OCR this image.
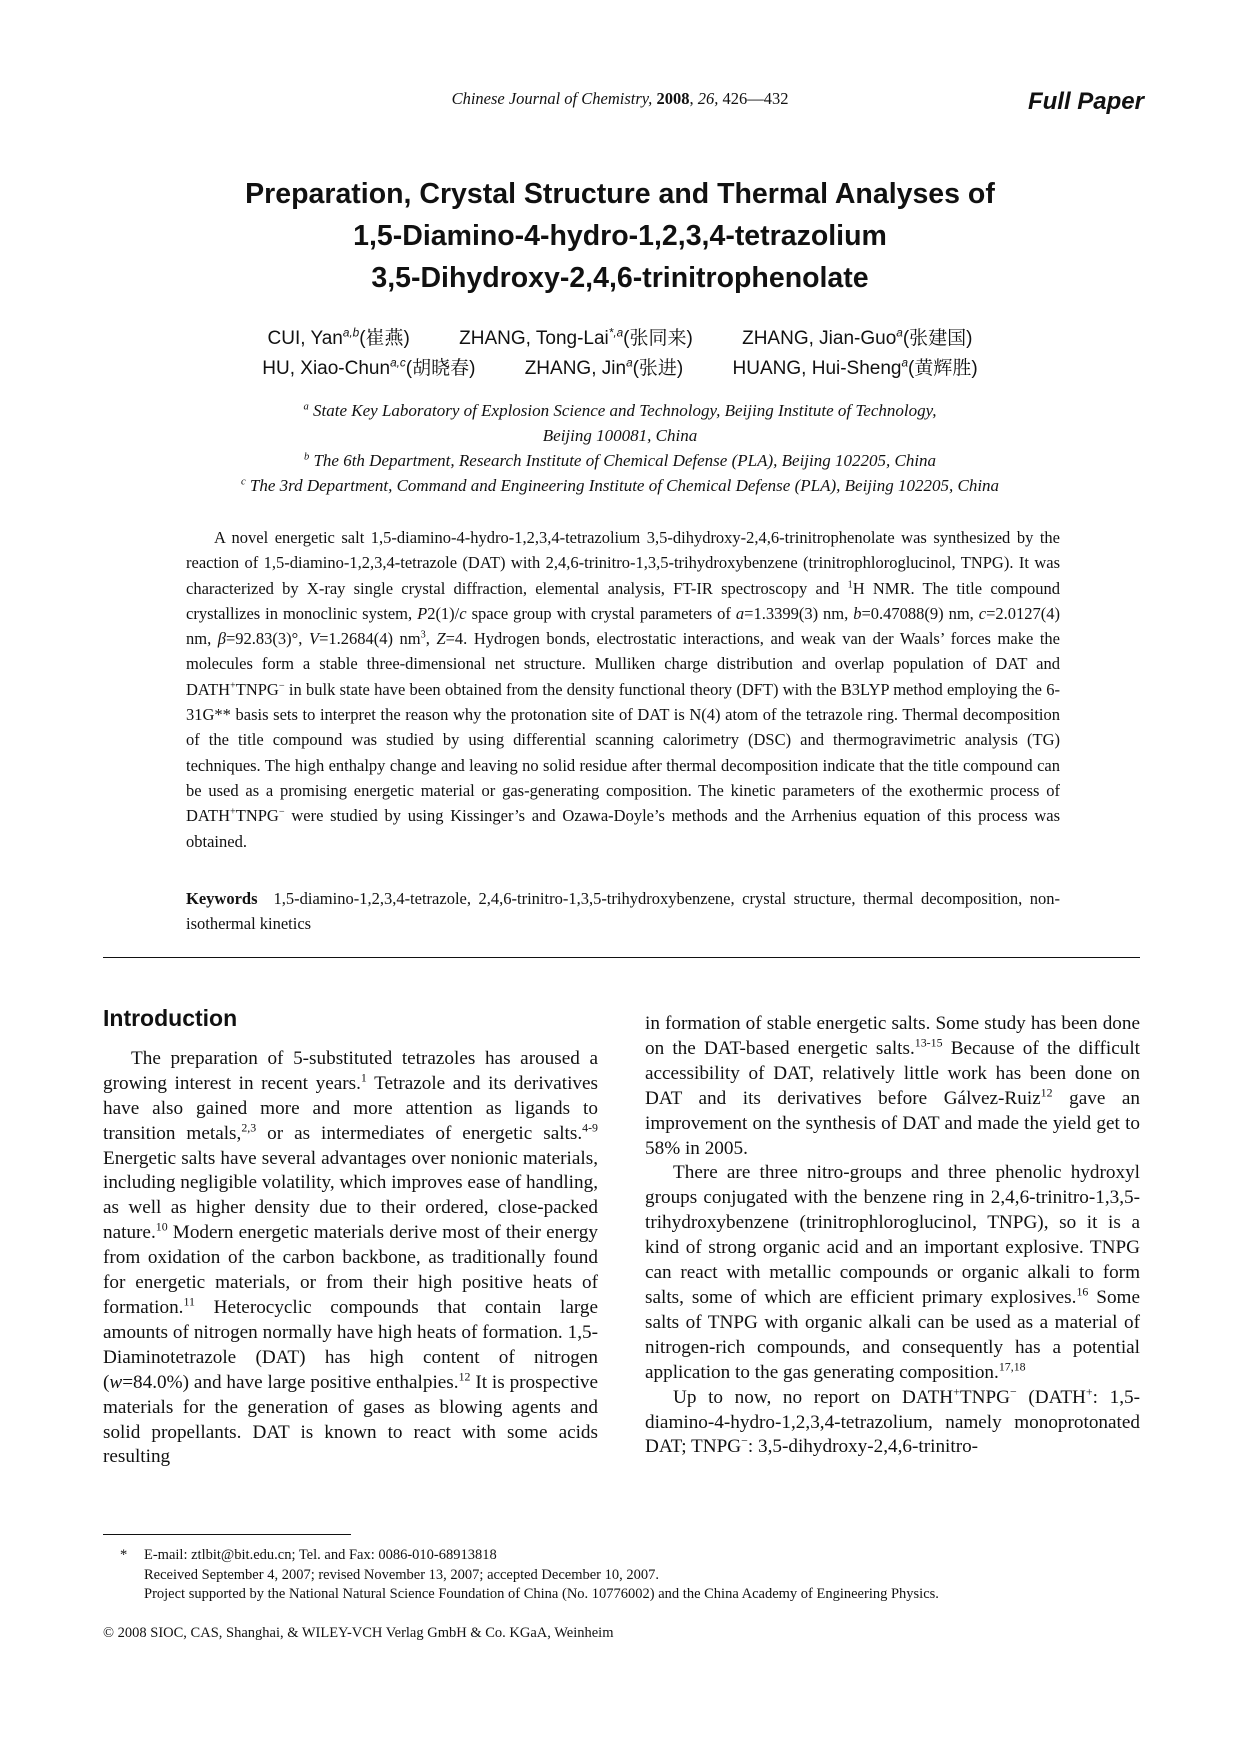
Chinese Journal of Chemistry, 2008, 26, 426—432	Full Paper
Preparation, Crystal Structure and Thermal Analyses of
1,5-Diamino-4-hydro-1,2,3,4-tetrazolium
3,5-Dihydroxy-2,4,6-trinitrophenolate
CUI, Yan$^{a,b}$(崔燕)	ZHANG, Tong-Lai$^{*,a}$(张同来)	ZHANG, Jian-Guo$^a$(张建国)
HU, Xiao-Chun$^{a,c}$(胡晓春)	ZHANG, Jin$^a$(张进)	HUANG, Hui-Sheng$^a$(黄辉胜)
$^a$ State Key Laboratory of Explosion Science and Technology, Beijing Institute of Technology,
Beijing 100081, China
$^b$ The 6th Department, Research Institute of Chemical Defense (PLA), Beijing 102205, China
$^c$ The 3rd Department, Command and Engineering Institute of Chemical Defense (PLA), Beijing 102205, China
A novel energetic salt 1,5-diamino-4-hydro-1,2,3,4-tetrazolium 3,5-dihydroxy-2,4,6-trinitrophenolate was synthesized by the reaction of 1,5-diamino-1,2,3,4-tetrazole (DAT) with 2,4,6-trinitro-1,3,5-trihydroxybenzene (trinitrophloroglucinol, TNPG). It was characterized by X-ray single crystal diffraction, elemental analysis, FT-IR spectroscopy and $^1$H NMR. The title compound crystallizes in monoclinic system, P2(1)/c space group with crystal parameters of a=1.3399(3) nm, b=0.47088(9) nm, c=2.0127(4) nm, β=92.83(3)°, V=1.2684(4) $nm^3$, Z=4. Hydrogen bonds, electrostatic interactions, and weak van der Waals’ forces make the molecules form a stable three-dimensional net structure. Mulliken charge distribution and overlap population of DAT and DATH+TNPG− in bulk state have been obtained from the density functional theory (DFT) with the B3LYP method employing the 6-31G** basis sets to interpret the reason why the protonation site of DAT is N(4) atom of the tetrazole ring. Thermal decomposition of the title compound was studied by using differential scanning calorimetry (DSC) and thermogravimetric analysis (TG) techniques. The high enthalpy change and leaving no solid residue after thermal decomposition indicate that the title compound can be used as a promising energetic material or gas-generating composition. The kinetic parameters of the exothermic process of DATH+TNPG− were studied by using Kissinger’s and Ozawa-Doyle’s methods and the Arrhenius equation of this process was obtained.
Keywords 1,5-diamino-1,2,3,4-tetrazole, 2,4,6-trinitro-1,3,5-trihydroxybenzene, crystal structure, thermal decomposition, non-isothermal kinetics
Introduction

The preparation of 5-substituted tetrazoles has aroused a growing interest in recent years.$^1$ Tetrazole and its derivatives have also gained more and more attention as ligands to transition metals,$^{2,3}$ or as intermediates of energetic salts.$^{4-9}$ Energetic salts have several advantages over nonionic materials, including negligible volatility, which improves ease of handling, as well as higher density due to their ordered, close-packed nature.$^{10}$ Modern energetic materials derive most of their energy from oxidation of the carbon backbone, as traditionally found for energetic materials, or from their high positive heats of formation.$^{11}$ Heterocyclic compounds that contain large amounts of nitrogen normally have high heats of formation. 1,5-Diaminotetrazole (DAT) has high content of nitrogen (w=84.0%) and have large positive enthalpies.$^{12}$ It is prospective materials for the generation of gases as blowing agents and solid propellants. DAT is known to react with some acids resulting

in formation of stable energetic salts. Some study has been done on the DAT-based energetic salts.$^{13-15}$ Because of the difficult accessibility of DAT, relatively little work has been done on DAT and its derivatives before Gálvez-Ruiz$^{12}$ gave an improvement on the synthesis of DAT and made the yield get to 58% in 2005.

There are three nitro-groups and three phenolic hydroxyl groups conjugated with the benzene ring in 2,4,6-trinitro-1,3,5-trihydroxybenzene (trinitrophloroglucinol, TNPG), so it is a kind of strong organic acid and an important explosive. TNPG can react with metallic compounds or organic alkali to form salts, some of which are efficient primary explosives.$^{16}$ Some salts of TNPG with organic alkali can be used as a material of nitrogen-rich compounds, and consequently has a potential application to the gas generating composition.$^{17,18}$

Up to now, no report on DATH+TNPG− (DATH+: 1,5-diamino-4-hydro-1,2,3,4-tetrazolium, namely monoprotonated DAT; TNPG−: 3,5-dihydroxy-2,4,6-trinitro-

*	E-mail: ztlbit@bit.edu.cn; Tel. and Fax: 0086-010-68913818
Received September 4, 2007; revised November 13, 2007; accepted December 10, 2007.
Project supported by the National Natural Science Foundation of China (No. 10776002) and the China Academy of Engineering Physics.
© 2008 SIOC, CAS, Shanghai, & WILEY-VCH Verlag GmbH & Co. KGaA, Weinheim
